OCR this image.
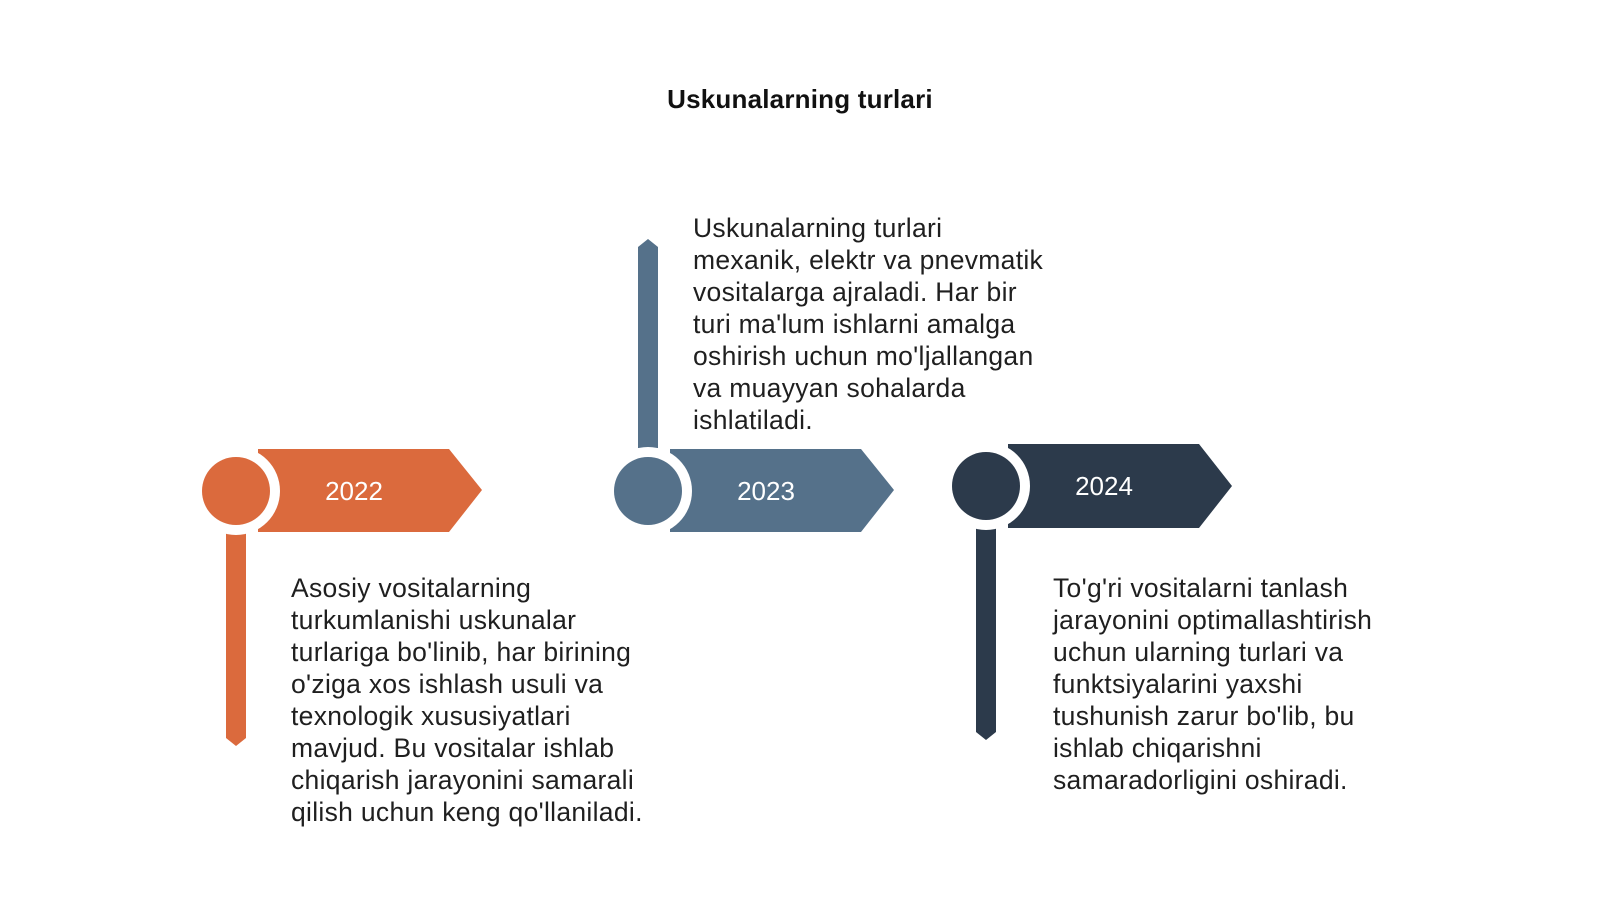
Uskunalarning turlari
2022	2023	2024

Asosiy vositalarning turkumlanishi uskunalar turlariga bo'linib, har birining o'ziga xos ishlash usuli va texnologik xususiyatlari mavjud. Bu vositalar ishlab chiqarish jarayonini samarali qilish uchun keng qo'llaniladi.

Uskunalarning turlari mexanik, elektr va pnevmatik vositalarga ajraladi. Har bir turi ma'lum ishlarni amalga oshirish uchun mo'ljallangan va muayyan sohalarda ishlatiladi.

To'g'ri vositalarni tanlash jarayonini optimallashtirish uchun ularning turlari va funktsiyalarini yaxshi tushunish zarur bo'lib, bu ishlab chiqarishni samaradorligini oshiradi.
